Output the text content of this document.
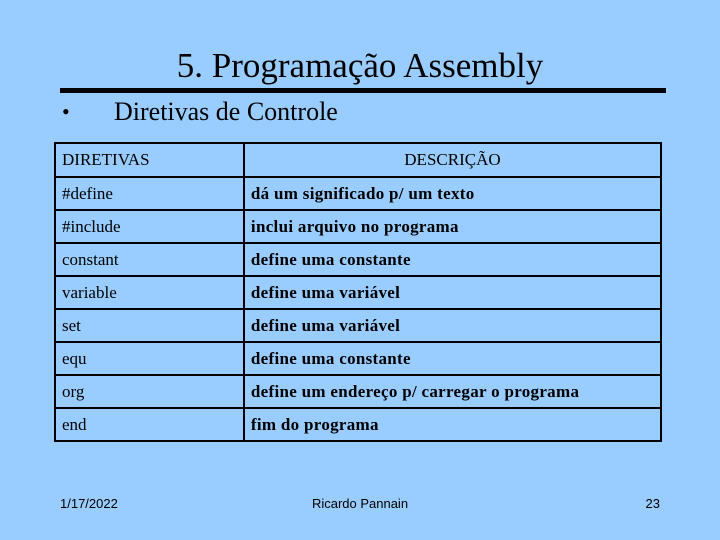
5. Programação Assembly
• Diretivas de Controle
DIRETIVAS	DESCRIÇÃO
#define	dá um significado p/ um texto
#include	inclui arquivo no programa
constant	define uma constante
variable	define uma variável
set	define uma variável
equ	define uma constante
org	define um endereço p/ carregar o programa
end	fim do programa
1/17/2022	Ricardo Pannain	23
